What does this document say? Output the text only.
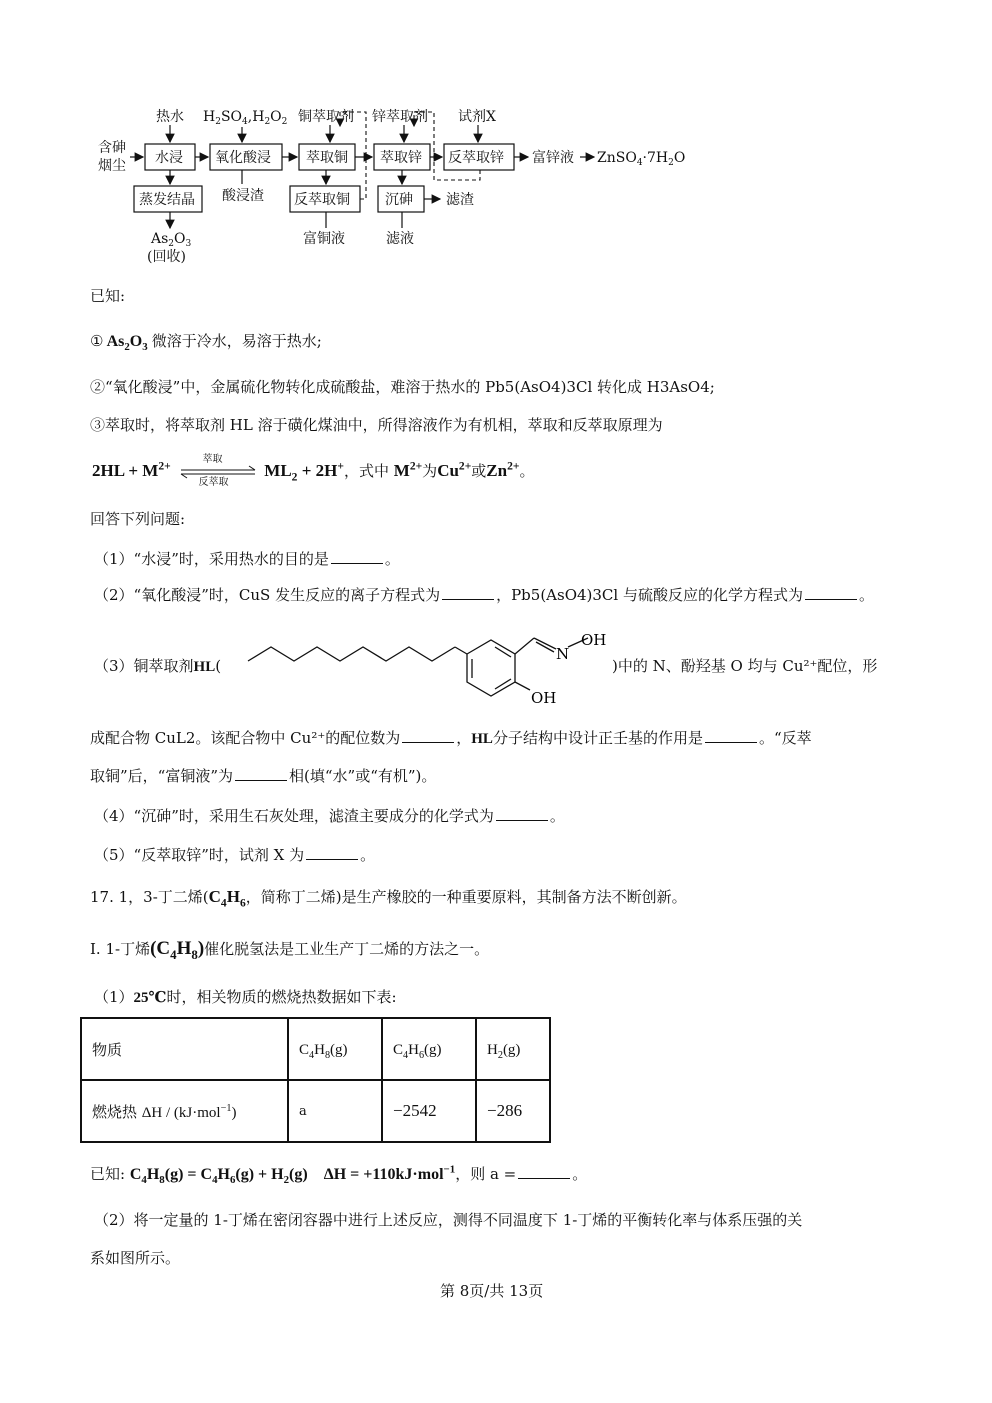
含砷
烟尘
热水 $H_2SO_4,H_2O_2$ 铜萃取剂 锌萃取剂 试剂X
水浸 氧化酸浸	萃取铜 萃取锌 反萃取锌
蒸发结晶	反萃取铜	沉砷
酸浸渣
富锌液 $ZnSO_4\cdot 7H_2O$
滤渣
$As_2O_3$
(回收)
富铜液	滤液
已知:
① $As_2O_3$ 微溶于冷水，易溶于热水;
②“氧化酸浸”中，金属硫化物转化成硫酸盐，难溶于热水的 Pb5(AsO4)3Cl 转化成 H3AsO4;
③萃取时，将萃取剂 HL 溶于磺化煤油中，所得溶液作为有机相，萃取和反萃取原理为
$2HL + M^{2+}$	萃取
反萃取
$ML_2 + 2H^+$，式中 $M^{2+}$为$Cu^{2+}$或$Zn^{2+}$。
回答下列问题:
（1）“水浸”时，采用热水的目的是	。
（2）“氧化酸浸”时，CuS 发生反应的离子方程式为	，Pb5(AsO4)3Cl 与硫酸反应的化学方程式为	。
（3）铜萃取剂HL(
OH
N
OH
)中的 N、酚羟基 O 均与 Cu²⁺配位，形
成配合物 CuL2。该配合物中 Cu²⁺的配位数为	，HL分子结构中设计正壬基的作用是	。“反萃
取铜”后，“富铜液”为	相(填“水”或“有机”)。
（4）“沉砷”时，采用生石灰处理，滤渣主要成分的化学式为	。
（5）“反萃取锌”时，试剂 X 为	。
17. 1，3-丁二烯($C_4H_6$，简称丁二烯)是生产橡胶的一种重要原料，其制备方法不断创新。
I. 1-丁烯$(C_4H_8)$催化脱氢法是工业生产丁二烯的方法之一。
（1）25℃时，相关物质的燃烧热数据如下表:
物质	$C_4H_8(g)$	$C_4H_6(g)$	$H_2(g)$
燃烧热 ΔH / (kJ·mol$^{-1}$)	a	−2542	−286
已知: $C_4H_8(g) = C_4H_6(g) + H_2(g)$    ΔH = +110kJ·mol$^{-1}$，则 a =	。
（2）将一定量的 1-丁烯在密闭容器中进行上述反应，测得不同温度下 1-丁烯的平衡转化率与体系压强的关
系如图所示。
第 8页/共 13页
